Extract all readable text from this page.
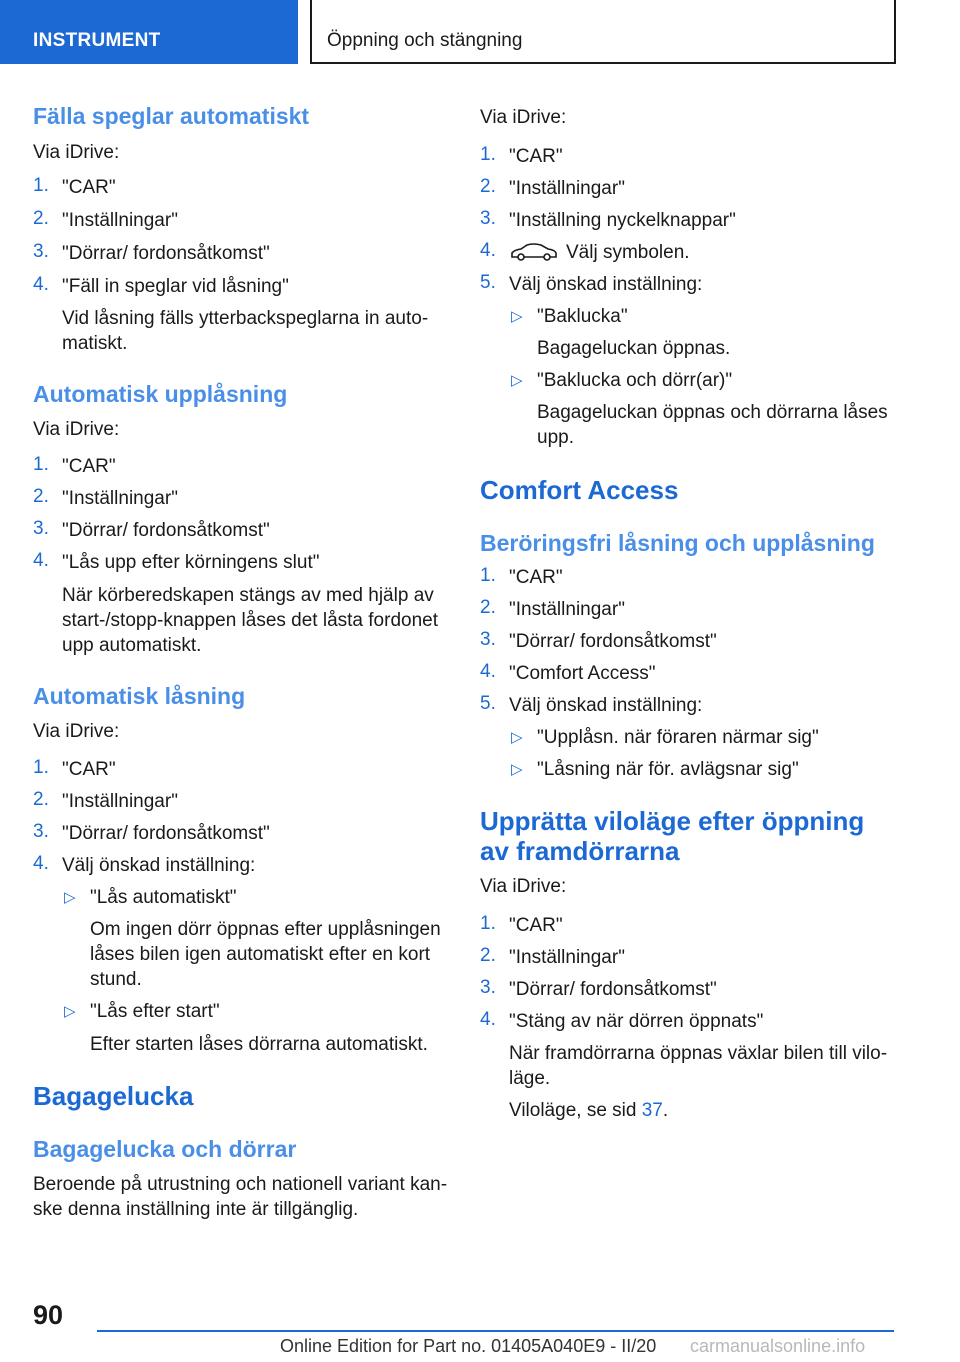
INSTRUMENT	Öppning och stängning
Fälla speglar automatiskt
Via iDrive:
1. "CAR"
2. "Inställningar"
3. "Dörrar/ fordonsåtkomst"
4. "Fäll in speglar vid låsning"
Vid låsning fälls ytterbackspeglarna in auto-
matiskt.
Automatisk upplåsning
Via iDrive:
1. "CAR"
2. "Inställningar"
3. "Dörrar/ fordonsåtkomst"
4. "Lås upp efter körningens slut"
När körberedskapen stängs av med hjälp av
start-/stopp-knappen låses det låsta fordonet
upp automatiskt.
Automatisk låsning
Via iDrive:
1. "CAR"
2. "Inställningar"
3. "Dörrar/ fordonsåtkomst"
4. Välj önskad inställning:
▷ "Lås automatiskt"
Om ingen dörr öppnas efter upplåsningen
låses bilen igen automatiskt efter en kort
stund.
▷ "Lås efter start"
Efter starten låses dörrarna automatiskt.
Bagagelucka
Bagagelucka och dörrar
Beroende på utrustning och nationell variant kan-
ske denna inställning inte är tillgänglig.
Via iDrive:
1. "CAR"
2. "Inställningar"
3. "Inställning nyckelknappar"
4.	Välj symbolen.
5. Välj önskad inställning:
▷ "Baklucka"
Bagageluckan öppnas.
▷ "Baklucka och dörr(ar)"
Bagageluckan öppnas och dörrarna låses
upp.
Comfort Access
Beröringsfri låsning och upplåsning
1. "CAR"
2. "Inställningar"
3. "Dörrar/ fordonsåtkomst"
4. "Comfort Access"
5. Välj önskad inställning:
▷ "Upplåsn. när föraren närmar sig"
▷ "Låsning när för. avlägsnar sig"
Upprätta viloläge efter öppning
av framdörrarna
Via iDrive:
1. "CAR"
2. "Inställningar"
3. "Dörrar/ fordonsåtkomst"
4. "Stäng av när dörren öppnats"
När framdörrarna öppnas växlar bilen till vilo-
läge.
Viloläge, se sid 37.
90
Online Edition for Part no. 01405A040E9 - II/20 carmanualsonline.info
